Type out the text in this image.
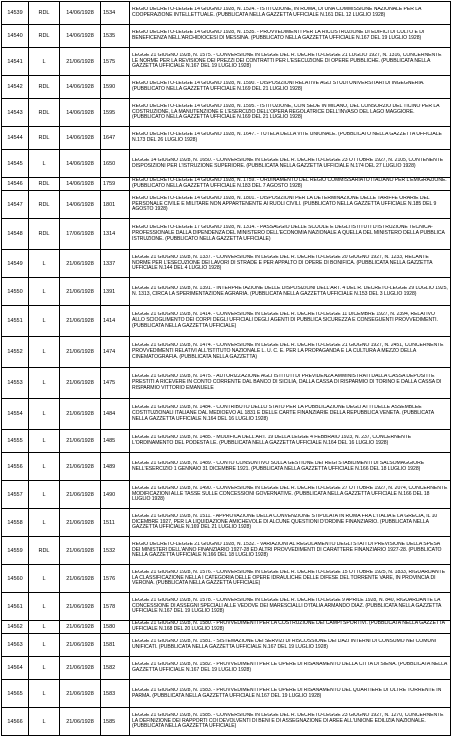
14539	RDL	14/06/1928	1534	REGIO DECRETO-LEGGE 14 GIUGNO 1928, N. 1524. - ISTITUZIONE, IN ROMA, DI UNA COMMISSIONE NAZIONALE PER LA COOPERAZIONE INTELLETTUALE. (PUBBLICATA NELLA GAZZETTA UFFICIALE N.161 DEL 12 LUGLIO 1928)

14540	RDL	14/06/1928	1535	REGIO DECRETO-LEGGE 14 GIUGNO 1928, N. 1535. - PROVVEDIMENTI PER LA RICOSTRUZIONE DI EDIFICI DI CULTO E DI BENEFICENZA NELL'ARCHIDIOCESI DI MESSINA. (PUBBLICATO NELLA GAZZETTA UFFICIALE N.167 DEL 19 LUGLIO 1928)

14541	L	21/06/1928	1575	LEGGE 21 GIUGNO 1928, N. 1575. - CONVERSIONE IN LEGGE DEL R. DECRETO-LEGGE 21 LUGLIO 1927, N. 1316, CONCERNENTE LE NORME PER LA REVISIONE DEI PREZZI DEI CONTRATTI PER L'ESECUZIONE DI OPERE PUBBLICHE. (PUBBLICATA NELLA GAZZETTA UFFICIALE N.167 DEL 19 LUGLIO 1928)

14542	RDL	14/06/1928	1590	REGIO DECRETO-LEGGE 14 GIUGNO 1928, N. 1590. - DISPOSIZIONI RELATIVE AGLI STUDI UNIVERSITARI DI INGEGNERIA. (PUBBLICATO NELLA GAZZETTA UFFICIALE N.169 DEL 21 LUGLIO 1928)

14543	RDL	14/06/1928	1595	REGIO DECRETO-LEGGE 14 GIUGNO 1928, N. 1595. - ISTITUZIONE, CON SEDE IN MILANO, DEL CONSORZIO DEL TICINO PER LA COSTRUZIONE, LA MANUTENZIONE E L'ESERCIZIO DELL'OPERA REGOLATRICE DELL'INVASO DEL LAGO MAGGIORE. (PUBBLICATO NELLA GAZZETTA UFFICIALE N.169 DEL 21 LUGLIO 1928)

14544	RDL	14/06/1928	1647	REGIO DECRETO-LEGGE 14 GIUGNO 1928, N. 1647. - TUTELA DELLA VITE UNIONALE. (PUBBLICATO NELLA GAZZETTA UFFICIALE N.173 DEL 26 LUGLIO 1928)

14545	L	14/06/1928	1650	LEGGE 14 GIUGNO 1928, N. 1650. - CONVERSIONE IN LEGGE DEL R. DECRETO-LEGGE 23 OTTOBRE 1927, N. 2105, CONTENENTE DISPOSIZIONI PER L'ISTRUZIONE SUPERIORE. (PUBBLICATA NELLA GAZZETTA UFFICIALE N.174 DEL 27 LUGLIO 1928)

14546	RDL	14/06/1928	1759	REGIO DECRETO-LEGGE 14 GIUGNO 1928, N. 1759. - ORDINAMENTO DEL REGIO COMMISSARIATO ITALIANO PER L'EMIGRAZIONE. (PUBBLICATO NELLA GAZZETTA UFFICIALE N.183 DEL 7 AGOSTO 1928)

14547	RDL	14/06/1928	1801	REGIO DECRETO-LEGGE 14 GIUGNO 1928, N. 1801. - DISPOSIZIONI PER LA DETERMINAZIONE DELLE TARIFFE ORARIE DEL PERSONALE CIVILE E MILITARE NON APPARTENENTE AI RUOLI CIVILI. (PUBBLICATO NELLA GAZZETTA UFFICIALE N.185 DEL 9 AGOSTO 1928)

14548	RDL	17/06/1928	1314	REGIO DECRETO-LEGGE 17 GIUGNO 1928, N. 1314. - PASSAGGIO DELLE SCUOLE E DEGLI ISTITUTI D'ISTRUZIONE TECNICA-PROFESSIONALE DALLA DIPENDENZA DEL MINISTERO DELL'ECONOMIA NAZIONALE A QUELLA DEL MINISTERO DELLA PUBBLICA ISTRUZIONE. (PUBBLICATO NELLA GAZZETTA UFFICIALE)

14549	L	21/06/1928	1337	LEGGE 21 GIUGNO 1928, N. 1337. - CONVERSIONE IN LEGGE DEL R. DECRETO-LEGGE 20 GIUGNO 1927, N. 1233, RECANTE NORME PER L'ESECUZIONE DEI LAVORI DI STRADE E PER APPALTO DI OPERE DI BONIFICA. (PUBBLICATA NELLA GAZZETTA UFFICIALE N.144 DEL 4 LUGLIO 1928)

14550	L	21/06/1928	1391	LEGGE 21 GIUGNO 1928, N. 1391. - INTERPRETAZIONE DELLE DISPOSIZIONI DELL'ART. 4 DEL R. DECRETO-LEGGE 29 LUGLIO 1925, N. 1313, CIRCA LA SPERIMENTAZIONE AGRARIA. (PUBBLICATA NELLA GAZZETTA UFFICIALE N.153 DEL 3 LUGLIO 1928)

14551	L	21/06/1928	1414	LEGGE 21 GIUGNO 1928, N. 1414. - CONVERSIONE IN LEGGE DEL R. DECRETO-LEGGE 11 DICEMBRE 1927, N. 2394, RELATIVO ALLO SCIOGLIMENTO DEI CORPI DEGLI UFFICIALI DEGLI AGENTI DI PUBBLICA SICUREZZA E CONSEGUENTI PROVVEDIMENTI. (PUBBLICATA NELLA GAZZETTA UFFICIALE)

14552	L	21/06/1928	1474	LEGGE 21 GIUGNO 1928, N. 1474. - CONVERSIONE IN LEGGE DEL R. DECRETO-LEGGE 21 GIUGNO 1927, N. 2451, CONCERNENTE PROVVEDIMENTI RELATIVI ALL'ISTITUTO NAZIONALE L. U. C. E. PER LA PROPAGANDA E LA CULTURA A MEZZO DELLA CINEMATOGRAFIA. (PUBBLICATA NELLA GAZZETTA)

14553	L	21/06/1928	1475	LEGGE 21 GIUGNO 1928, N. 1475. - AUTORIZZAZIONE AGLI ISTITUTI DI PREVIDENZA AMMINISTRATI DALLA CASSA DEPOSITI E PRESTITI A RICEVERE IN CONTO CORRENTE DAL BANCO DI SICILIA, DALLA CASSA DI RISPARMIO DI TORINO E DALLA CASSA DI RISPARMIO VITTORIO EMANUELE

14554	L	21/06/1928	1484	LEGGE 21 GIUGNO 1928, N. 1484. - CONTRIBUTO DELLO STATO PER LA PUBBLICAZIONE DEGLI ATTI DELLE ASSEMBLEE COSTITUZIONALI ITALIANE DAL MEDIOEVO AL 1831 E DELLE CARTE FINANZIARIE DELLA REPUBBLICA VENETA. (PUBBLICATA NELLA GAZZETTA UFFICIALE N.164 DEL 16 LUGLIO 1928)

14555	L	21/06/1928	1485	LEGGE 21 GIUGNO 1928, N. 1485. - MODIFICA DELL'ART. 19 DELLA LEGGE 4 FEBBRAIO 1923, N. 237, CONCERNENTE L'ORDINAMENTO DEL PODESTA LE. (PUBBLICATA NELLA GAZZETTA UFFICIALE N.164 DEL 16 LUGLIO 1928)

14556	L	21/06/1928	1489	LEGGE 21 GIUGNO 1928, N. 1489. - CONTO CONSUNTIVO SULLA GESTIONE DEI REGI STABILIMENTI DI SALSOMAGGIORE NELL'ESERCIZIO 1 GENNAIO 31 DICEMBRE 1921. (PUBBLICATA NELLA GAZZETTA UFFICIALE N.166 DEL 18 LUGLIO 1928)

14557	L	21/06/1928	1490	LEGGE 21 GIUGNO 1928, N. 1490. - CONVERSIONE IN LEGGE DEL R. DECRETO-LEGGE 27 OTTOBRE 1927, N. 2074, CONCERNENTE MODIFICAZIONI ALLE TASSE SULLE CONCESSIONI GOVERNATIVE. (PUBBLICATA NELLA GAZZETTA UFFICIALE N.166 DEL 18 LUGLIO 1928)

14558	L	21/06/1928	1511	LEGGE 21 GIUGNO 1928, N. 1511. - APPROVAZIONE DELLA CONVENZIONE STIPULATA IN ROMA FRA L'ITALIA E LA GRECIA, IL 10 DICEMBRE 1927, PER LA LIQUIDAZIONE AMICHEVOLE DI ALCUNE QUESTIONI D'ORDINE FINANZIARIO. (PUBBLICATA NELLA GAZZETTA UFFICIALE N.169 DEL 21 LUGLIO 1928)

14559	RDL	21/06/1928	1532	REGIO DECRETO-LEGGE 21 GIUGNO 1928, N. 1532. - VARIAZIONI AL REGOLAMENTO DEGLI STATI DI PREVISIONE DELLA SPESA DEI MINISTERI DELL'ANNO FINANZIARIO 1927-28 ED ALTRI PROVVEDIMENTI DI CARATTERE FINANZIARIO 1927-28. (PUBBLICATO NELLA GAZZETTA UFFICIALE N.166 DEL 18 LUGLIO 1928)

14560	L	21/06/1928	1576	LEGGE 21 GIUGNO 1928, N. 1576. - CONVERSIONE IN LEGGE DEL R. DECRETO-LEGGE 15 OTTOBRE 1925, N. 1833, RIGUARDANTE LA CLASSIFICAZIONE NELLA I CATEGORIA DELLE OPERE IDRAULICHE DELLE DIFESE DEL TORRENTE VARE, IN PROVINCIA DI VERONA. (PUBBLICATA NELLA GAZZETTA UFFICIALE)

14561	L	21/06/1928	1578	LEGGE 21 GIUGNO 1928, N. 1578. - CONVERSIONE IN LEGGE DEL R. DECRETO-LEGGE 9 APRILE 1928, N. 840, RIGUARDANTE LA CONCESSIONE DI ASSEGNI SPECIALI ALLE VEDOVE DEI MARESCIALLI D'ITALIA ARMANDO DIAZ. (PUBBLICATA NELLA GAZZETTA UFFICIALE N.167 DEL 19 LUGLIO 1928)

14562	L	21/06/1928	1580	LEGGE 21 GIUGNO 1928, N. 1580. - PROVVEDIMENTI PER LA COSTRUZIONE DEI CAMPI SPORTIVI. (PUBBLICATA NELLA GAZZETTA UFFICIALE N.168 DEL 20 LUGLIO 1928)

14563	L	21/06/1928	1581	LEGGE 21 GIUGNO 1928, N. 1581. - SISTEMAZIONE DEI SERVIZI DI RISCOSSIONE DEI DAZI INTERNI DI CONSUMO NEI COMUNI UNIFICATI. (PUBBLICATA NELLA GAZZETTA UFFICIALE N.167 DEL 19 LUGLIO 1928)

14564	L	21/06/1928	1582	LEGGE 21 GIUGNO 1928, N. 1582. - PROVVEDIMENTI PER LE OPERE DI RISANAMENTO DELLA CITTA DI SIENA. (PUBBLICATA NELLA GAZZETTA UFFICIALE N.167 DEL 19 LUGLIO 1928)

14565	L	21/06/1928	1583	LEGGE 21 GIUGNO 1928, N. 1583. - PROVVEDIMENTI PER LE OPERE DI RISANAMENTO DEL QUARTIERE DI OLTRE TORRENTE IN PARMA. (PUBBLICATA NELLA GAZZETTA UFFICIALE N.167 DEL 19 LUGLIO 1928)

14566	L	21/06/1928	1585	LEGGE 21 GIUGNO 1928, N. 1585. - CONVERSIONE IN LEGGE DEL R. DECRETO-LEGGE 23 GIUGNO 1927, N. 1270, CONCERNENTE LA DEFINIZIONE DEI RAPPORTI COI DEVOLVENTI DI BENI E DI ASSEGNAZIONE DI AREE ALL'UNIONE EDILIZIA NAZIONALE. (PUBBLICATA NELLA GAZZETTA UFFICIALE)
